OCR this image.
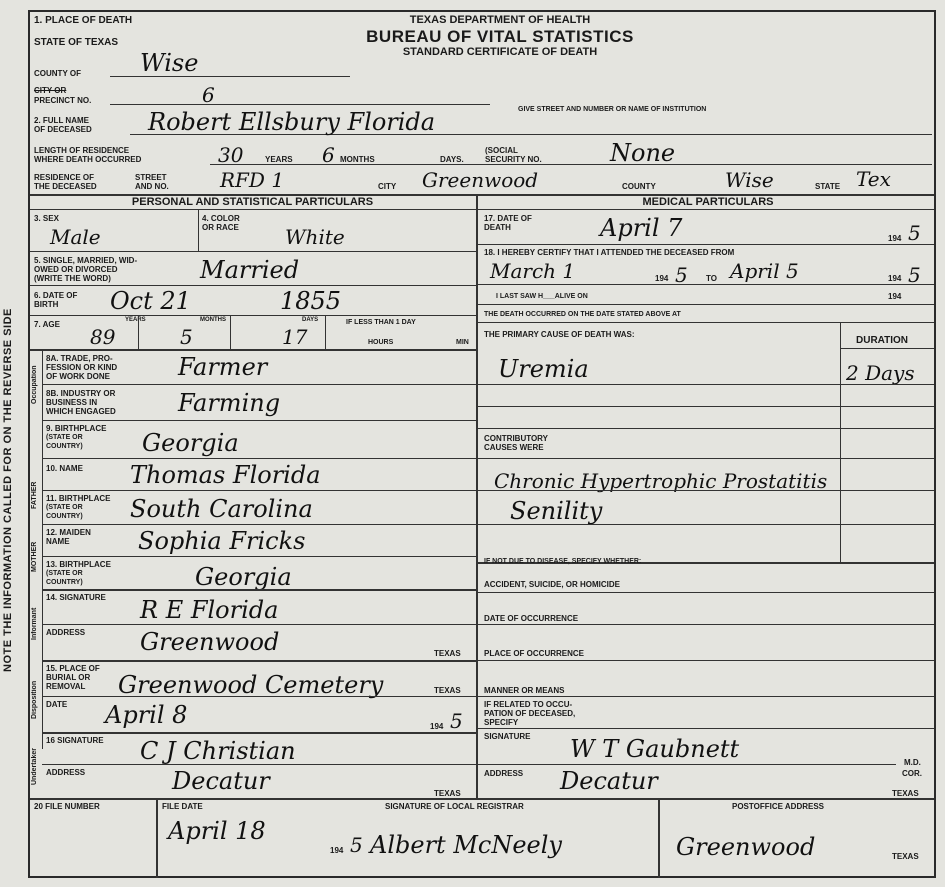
NOTE THE INFORMATION CALLED FOR ON THE REVERSE SIDE
1. PLACE OF DEATH
STATE OF TEXAS
TEXAS DEPARTMENT OF HEALTH
BUREAU OF VITAL STATISTICS
STANDARD CERTIFICATE OF DEATH
COUNTY OF Wise
CITY OR
PRECINCT NO.	6
GIVE STREET AND NUMBER OR NAME OF INSTITUTION
2. FULL NAME
OF DECEASED Robert Ellsbury Florida
LENGTH OF RESIDENCE
WHERE DEATH OCCURRED	30	YEARS 6 MONTHS	DAYS.
(SOCIAL
SECURITY NO.	None
RESIDENCE OF
THE DECEASED
STREET
AND NO.	RFD 1	CITY Greenwood	COUNTY	Wise	STATE Tex
PERSONAL AND STATISTICAL PARTICULARS	MEDICAL PARTICULARS
3. SEX
Male
4. COLOR
OR RACE White
5. SINGLE, MARRIED, WID-
OWED OR DIVORCED
(WRITE THE WORD)	Married
6. DATE OF
BIRTH Oct 21	1855
7. AGE	YEARS
89
MONTHS
5
DAYS
17
IF LESS THAN 1 DAY
HOURS	MIN
Occupation
FATHER
MOTHER
Informant
Disposition
Undertaker
8A. TRADE, PRO-
FESSION OR KIND
OF WORK DONE	Farmer
8B. INDUSTRY OR
BUSINESS IN
WHICH ENGAGED	Farming
9. BIRTHPLACE
(STATE OR
COUNTRY) Georgia
10. NAME Thomas Florida
11. BIRTHPLACE
(STATE OR
COUNTRY) South Carolina
12. MAIDEN
NAME	Sophia Fricks
13. BIRTHPLACE
(STATE OR
COUNTRY)	Georgia
14. SIGNATURE R E Florida
ADDRESS Greenwood	TEXAS
15. PLACE OF
BURIAL OR
REMOVAL Greenwood Cemetery	TEXAS
DATE April 8	194 5
16 SIGNATURE C J Christian
ADDRESS	Decatur	TEXAS
17. DATE OF
DEATH	April 7	194 5
18. I HEREBY CERTIFY THAT I ATTENDED THE DECEASED FROM
March 1	194 5 TO April 5	194 5
I LAST SAW H___ALIVE ON	194
THE DEATH OCCURRED ON THE DATE STATED ABOVE AT
THE PRIMARY CAUSE OF DEATH WAS:
DURATION
Uremia	2 Days
CONTRIBUTORY
CAUSES WERE
Chronic Hypertrophic Prostatitis
Senility
IF NOT DUE TO DISEASE, SPECIFY WHETHER:
ACCIDENT, SUICIDE, OR HOMICIDE
DATE OF OCCURRENCE
PLACE OF OCCURRENCE
MANNER OR MEANS
IF RELATED TO OCCU-
PATION OF DECEASED,
SPECIFY
SIGNATURE W T Gaubnett	M.D.
COR.
ADDRESS Decatur	TEXAS
20 FILE NUMBER	FILE DATE
April 18
194 5
SIGNATURE OF LOCAL REGISTRAR
Albert McNeely
POSTOFFICE ADDRESS
Greenwood	TEXAS
